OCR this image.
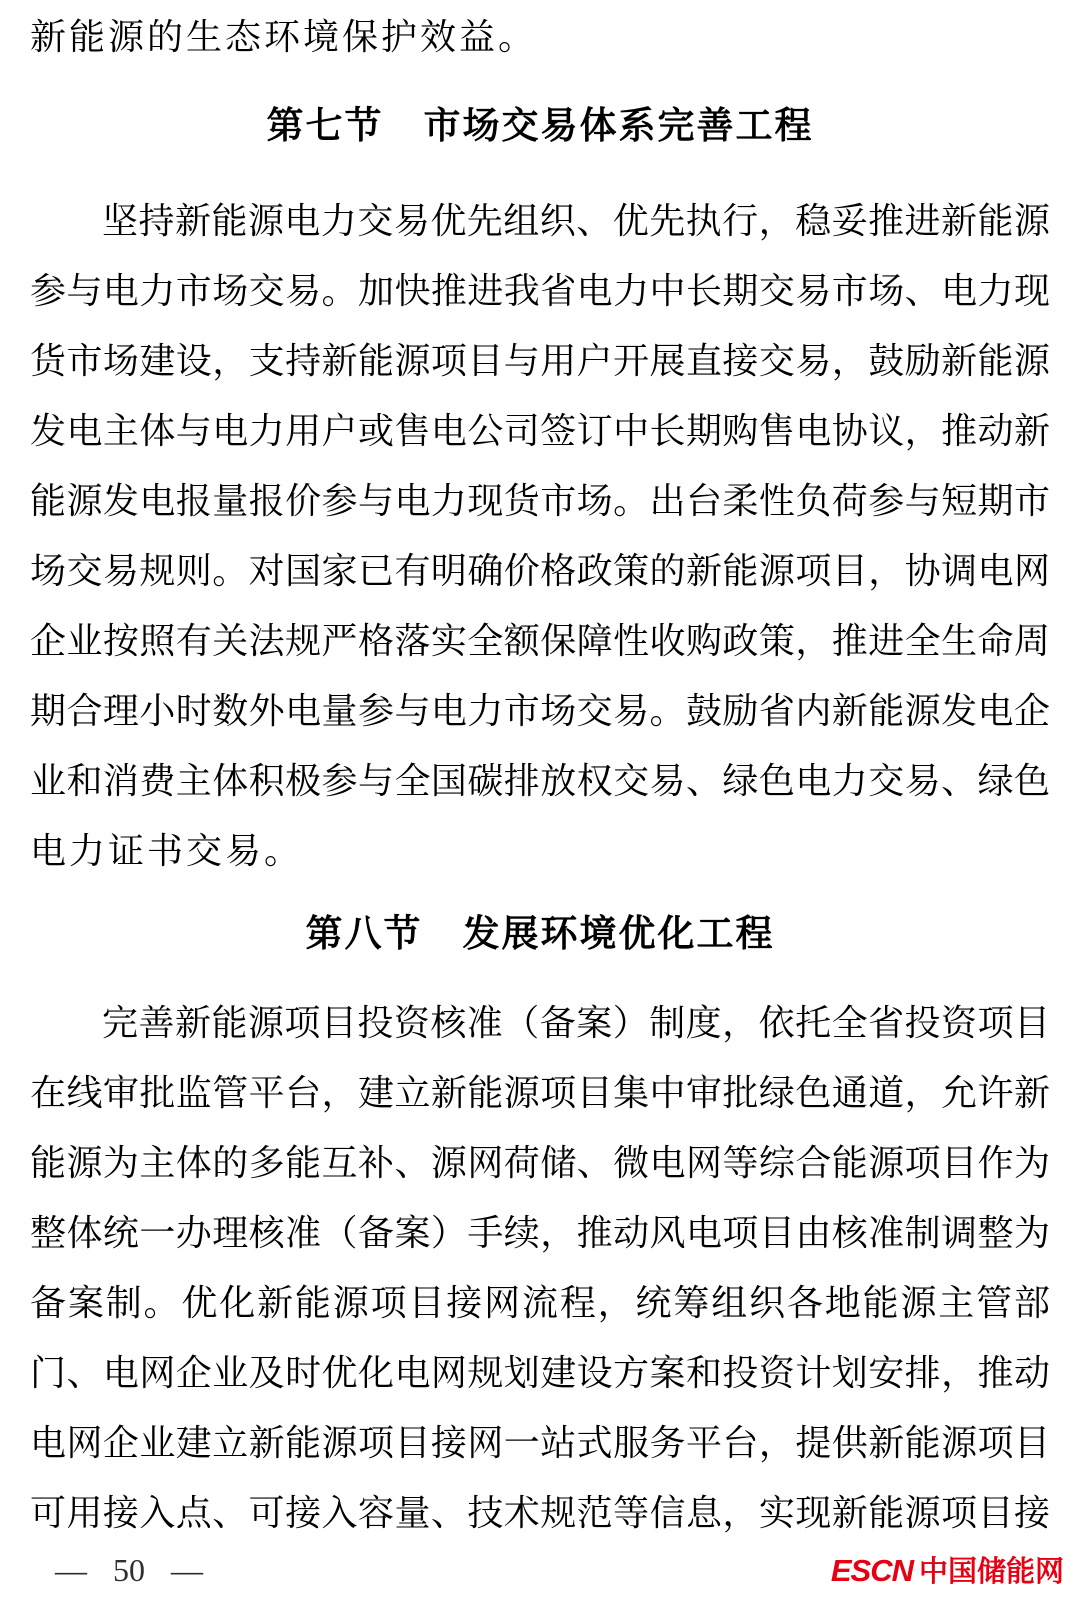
新能源的生态环境保护效益。
第七节 市场交易体系完善工程
坚持新能源电力交易优先组织、优先执行，稳妥推进新能源
参与电力市场交易。加快推进我省电力中长期交易市场、电力现
货市场建设，支持新能源项目与用户开展直接交易，鼓励新能源
发电主体与电力用户或售电公司签订中长期购售电协议，推动新
能源发电报量报价参与电力现货市场。出台柔性负荷参与短期市
场交易规则。对国家已有明确价格政策的新能源项目，协调电网
企业按照有关法规严格落实全额保障性收购政策，推进全生命周
期合理小时数外电量参与电力市场交易。鼓励省内新能源发电企
业和消费主体积极参与全国碳排放权交易、绿色电力交易、绿色
电力证书交易。
第八节 发展环境优化工程
完善新能源项目投资核准（备案）制度，依托全省投资项目
在线审批监管平台，建立新能源项目集中审批绿色通道，允许新
能源为主体的多能互补、源网荷储、微电网等综合能源项目作为
整体统一办理核准（备案）手续，推动风电项目由核准制调整为
备案制。优化新能源项目接网流程，统筹组织各地能源主管部
门、电网企业及时优化电网规划建设方案和投资计划安排，推动
电网企业建立新能源项目接网一站式服务平台，提供新能源项目
可用接入点、可接入容量、技术规范等信息，实现新能源项目接
— 50 —	ESCN 中国储能网
